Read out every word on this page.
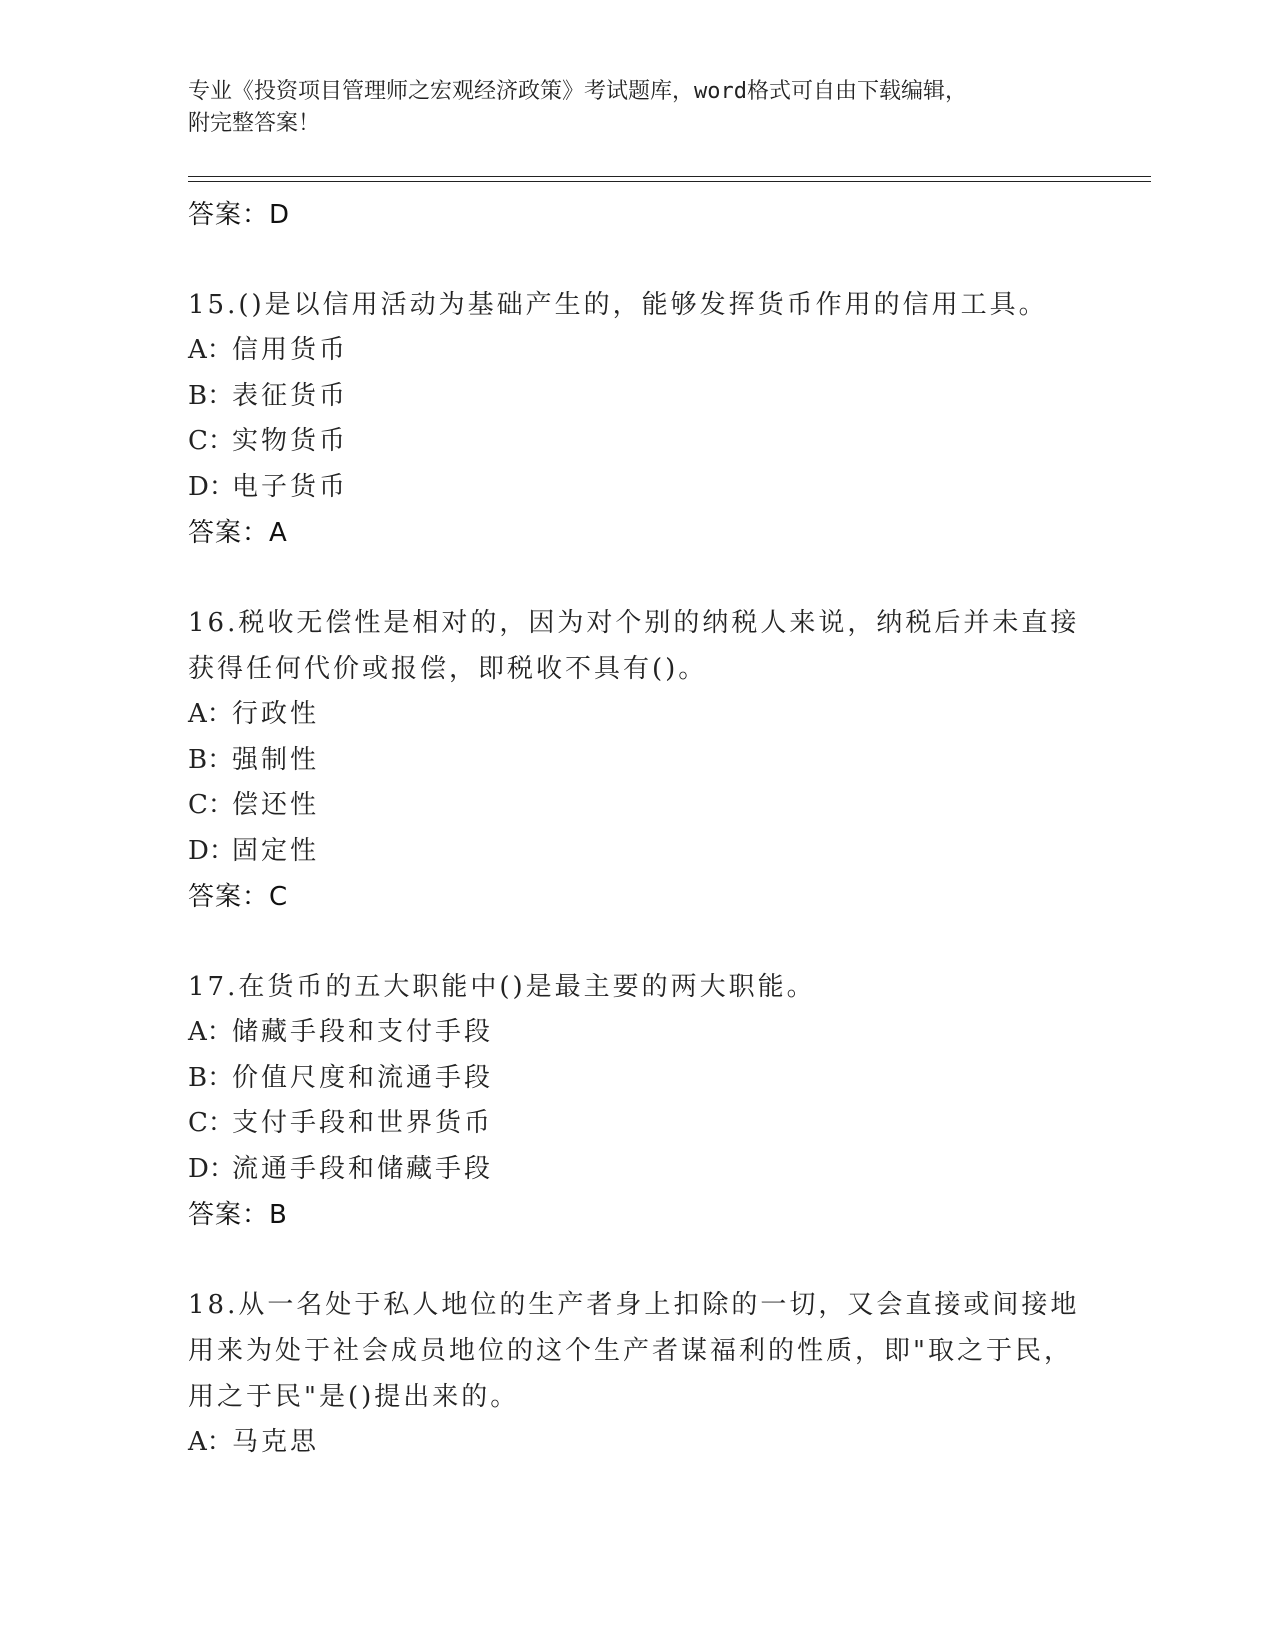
专业《投资项目管理师之宏观经济政策》考试题库，word格式可自由下载编辑，
附完整答案！
答案：D
15.()是以信用活动为基础产生的，能够发挥货币作用的信用工具。
A：信用货币
B：表征货币
C：实物货币
D：电子货币
答案：A
16.税收无偿性是相对的，因为对个别的纳税人来说，纳税后并未直接
获得任何代价或报偿，即税收不具有()。
A：行政性
B：强制性
C：偿还性
D：固定性
答案：C
17.在货币的五大职能中()是最主要的两大职能。
A：储藏手段和支付手段
B：价值尺度和流通手段
C：支付手段和世界货币
D：流通手段和储藏手段
答案：B
18.从一名处于私人地位的生产者身上扣除的一切，又会直接或间接地
用来为处于社会成员地位的这个生产者谋福利的性质，即"取之于民，
用之于民"是()提出来的。
A：马克思
